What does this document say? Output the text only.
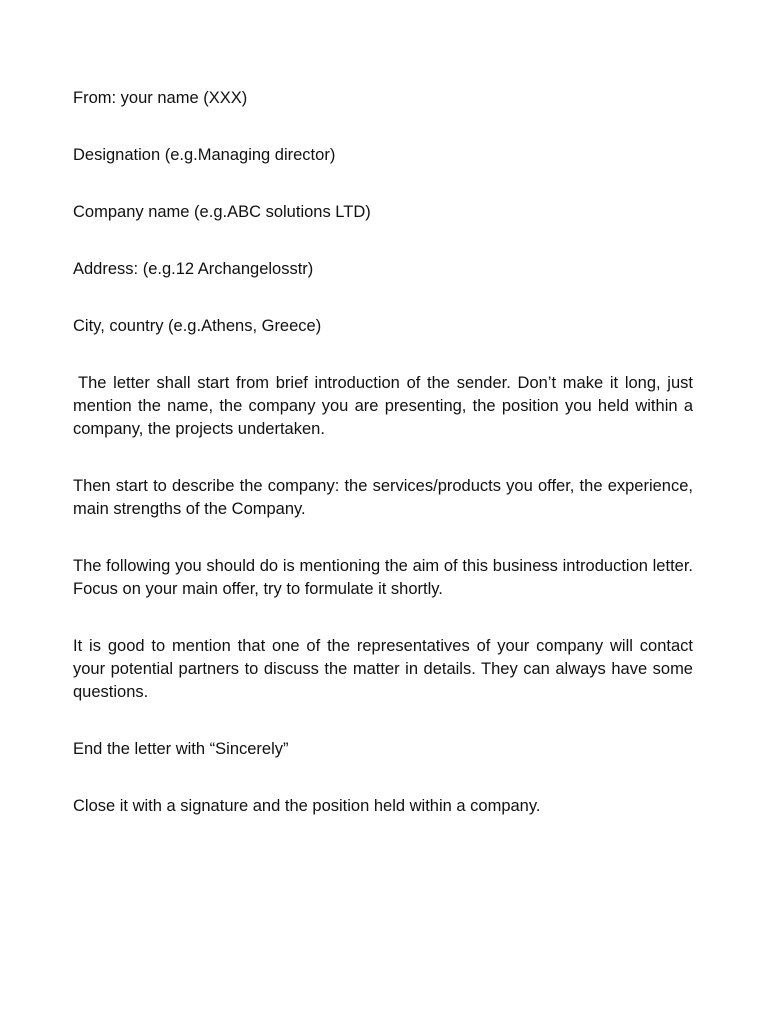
From: your name (XXX)
Designation (e.g.Managing director)
Company name (e.g.ABC solutions LTD)
Address: (e.g.12 Archangelosstr)
City, country (e.g.Athens, Greece)

The letter shall start from brief introduction of the sender. Don’t make it long, just mention the name, the company you are presenting, the position you held within a company, the projects undertaken.

Then start to describe the company: the services/products you offer, the experience, main strengths of the Company.

The following you should do is mentioning the aim of this business introduction letter. Focus on your main offer, try to formulate it shortly.

It is good to mention that one of the representatives of your company will contact your potential partners to discuss the matter in details. They can always have some questions.

End the letter with “Sincerely”
Close it with a signature and the position held within a company.
